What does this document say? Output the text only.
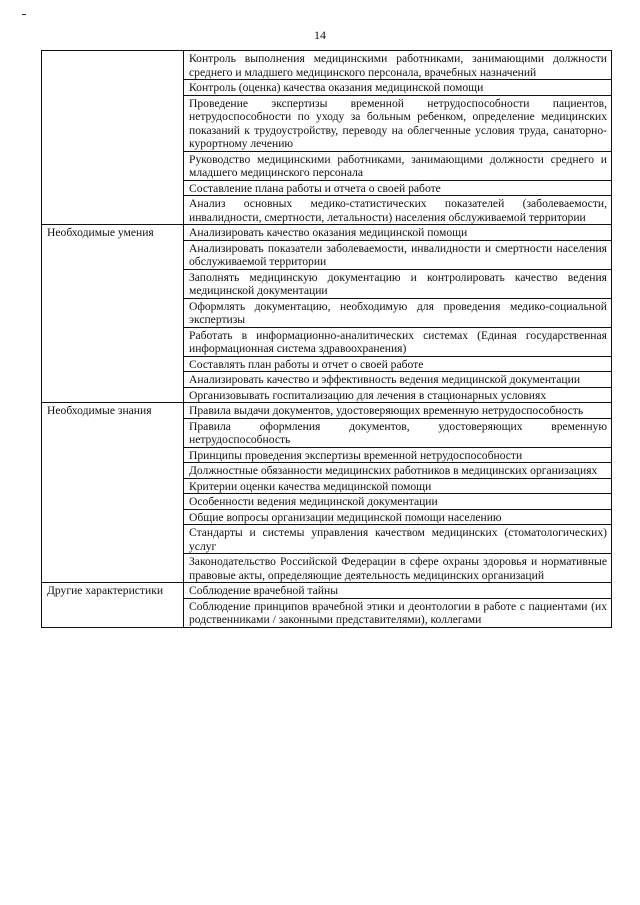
14
	Контроль выполнения медицинскими работниками, занимающими должности среднего и младшего медицинского персонала, врачебных назначений
	Контроль (оценка) качества оказания медицинской помощи
	Проведение экспертизы временной нетрудоспособности пациентов, нетрудоспособности по уходу за больным ребенком, определение медицинских показаний к трудоустройству, переводу на облегченные условия труда, санаторно-курортному лечению
	Руководство медицинскими работниками, занимающими должности среднего и младшего медицинского персонала
	Составление плана работы и отчета о своей работе
	Анализ основных медико-статистических показателей (заболеваемости, инвалидности, смертности, летальности) населения обслуживаемой территории
Необходимые умения	Анализировать качество оказания медицинской помощи
	Анализировать показатели заболеваемости, инвалидности и смертности населения обслуживаемой территории
	Заполнять медицинскую документацию и контролировать качество ведения медицинской документации
	Оформлять документацию, необходимую для проведения медико-социальной экспертизы
	Работать в информационно-аналитических системах (Единая государственная информационная система здравоохранения)
	Составлять план работы и отчет о своей работе
	Анализировать качество и эффективность ведения медицинской документации
	Организовывать госпитализацию для лечения в стационарных условиях
Необходимые знания	Правила выдачи документов, удостоверяющих временную нетрудоспособность
	Правила оформления документов, удостоверяющих временную нетрудоспособность
	Принципы проведения экспертизы временной нетрудоспособности
	Должностные обязанности медицинских работников в медицинских организациях
	Критерии оценки качества медицинской помощи
	Особенности ведения медицинской документации
	Общие вопросы организации медицинской помощи населению
	Стандарты и системы управления качеством медицинских (стоматологических) услуг
	Законодательство Российской Федерации в сфере охраны здоровья и нормативные правовые акты, определяющие деятельность медицинских организаций
Другие характеристики	Соблюдение врачебной тайны
	Соблюдение принципов врачебной этики и деонтологии в работе с пациентами (их родственниками / законными представителями), коллегами
